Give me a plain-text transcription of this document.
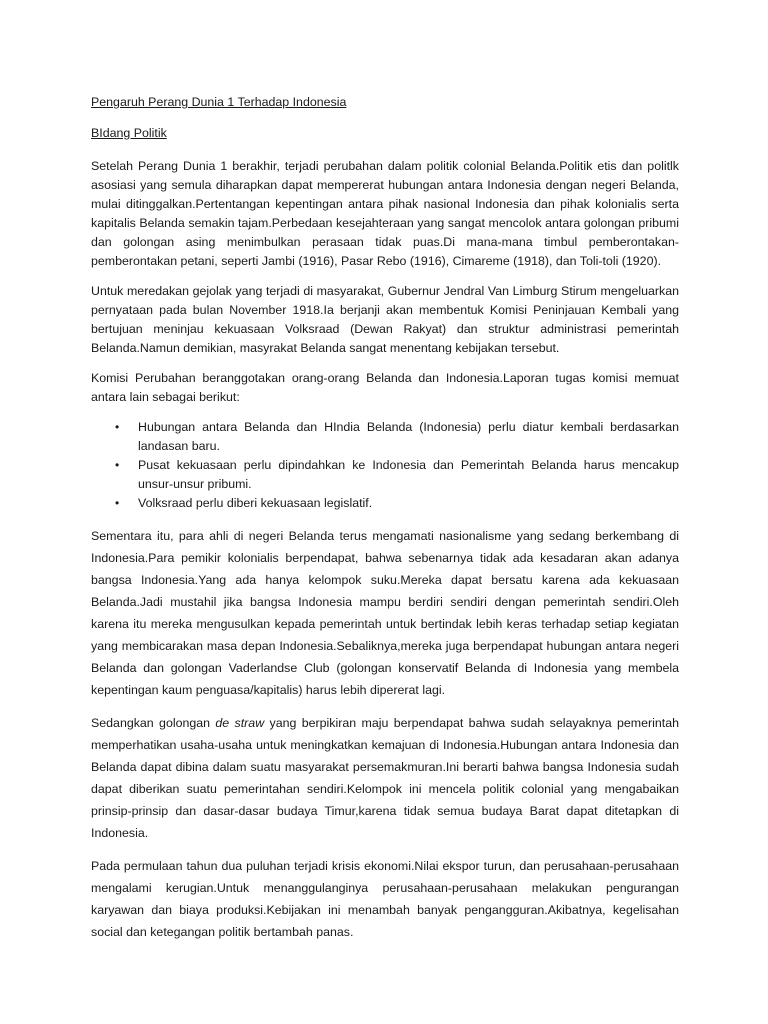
Pengaruh Perang Dunia 1 Terhadap Indonesia
BIdang Politik

Setelah Perang Dunia 1 berakhir, terjadi perubahan dalam politik colonial Belanda.Politik etis dan politlk asosiasi yang semula diharapkan dapat mempererat hubungan antara Indonesia dengan negeri Belanda, mulai ditinggalkan.Pertentangan kepentingan antara pihak nasional Indonesia dan pihak kolonialis serta kapitalis Belanda semakin tajam.Perbedaan kesejahteraan yang sangat mencolok antara golongan pribumi dan golongan asing menimbulkan perasaan tidak puas.Di mana-mana timbul pemberontakan-pemberontakan petani, seperti Jambi (1916), Pasar Rebo (1916), Cimareme (1918), dan Toli-toli (1920).

Untuk meredakan gejolak yang terjadi di masyarakat, Gubernur Jendral Van Limburg Stirum mengeluarkan pernyataan pada bulan November 1918.Ia berjanji akan membentuk Komisi Peninjauan Kembali yang bertujuan meninjau kekuasaan Volksraad (Dewan Rakyat) dan struktur administrasi pemerintah Belanda.Namun demikian, masyrakat Belanda sangat menentang kebijakan tersebut.

Komisi Perubahan beranggotakan orang-orang Belanda dan Indonesia.Laporan tugas komisi memuat antara lain sebagai berikut:

• Hubungan antara Belanda dan HIndia Belanda (Indonesia) perlu diatur kembali berdasarkan landasan baru.
• Pusat kekuasaan perlu dipindahkan ke Indonesia dan Pemerintah Belanda harus mencakup unsur-unsur pribumi.
• Volksraad perlu diberi kekuasaan legislatif.

Sementara itu, para ahli di negeri Belanda terus mengamati nasionalisme yang sedang berkembang di Indonesia.Para pemikir kolonialis berpendapat, bahwa sebenarnya tidak ada kesadaran akan adanya bangsa Indonesia.Yang ada hanya kelompok suku.Mereka dapat bersatu karena ada kekuasaan Belanda.Jadi mustahil jika bangsa Indonesia mampu berdiri sendiri dengan pemerintah sendiri.Oleh karena itu mereka mengusulkan kepada pemerintah untuk bertindak lebih keras terhadap setiap kegiatan yang membicarakan masa depan Indonesia.Sebaliknya,mereka juga berpendapat hubungan antara negeri Belanda dan golongan Vaderlandse Club (golongan konservatif Belanda di Indonesia yang membela kepentingan kaum penguasa/kapitalis) harus lebih dipererat lagi.

Sedangkan golongan de straw yang berpikiran maju berpendapat bahwa sudah selayaknya pemerintah memperhatikan usaha-usaha untuk meningkatkan kemajuan di Indonesia.Hubungan antara Indonesia dan Belanda dapat dibina dalam suatu masyarakat persemakmuran.Ini berarti bahwa bangsa Indonesia sudah dapat diberikan suatu pemerintahan sendiri.Kelompok ini mencela politik colonial yang mengabaikan prinsip-prinsip dan dasar-dasar budaya Timur,karena tidak semua budaya Barat dapat ditetapkan di Indonesia.

Pada permulaan tahun dua puluhan terjadi krisis ekonomi.Nilai ekspor turun, dan perusahaan-perusahaan mengalami kerugian.Untuk menanggulanginya perusahaan-perusahaan melakukan pengurangan karyawan dan biaya produksi.Kebijakan ini menambah banyak pengangguran.Akibatnya, kegelisahan social dan ketegangan politik bertambah panas.
